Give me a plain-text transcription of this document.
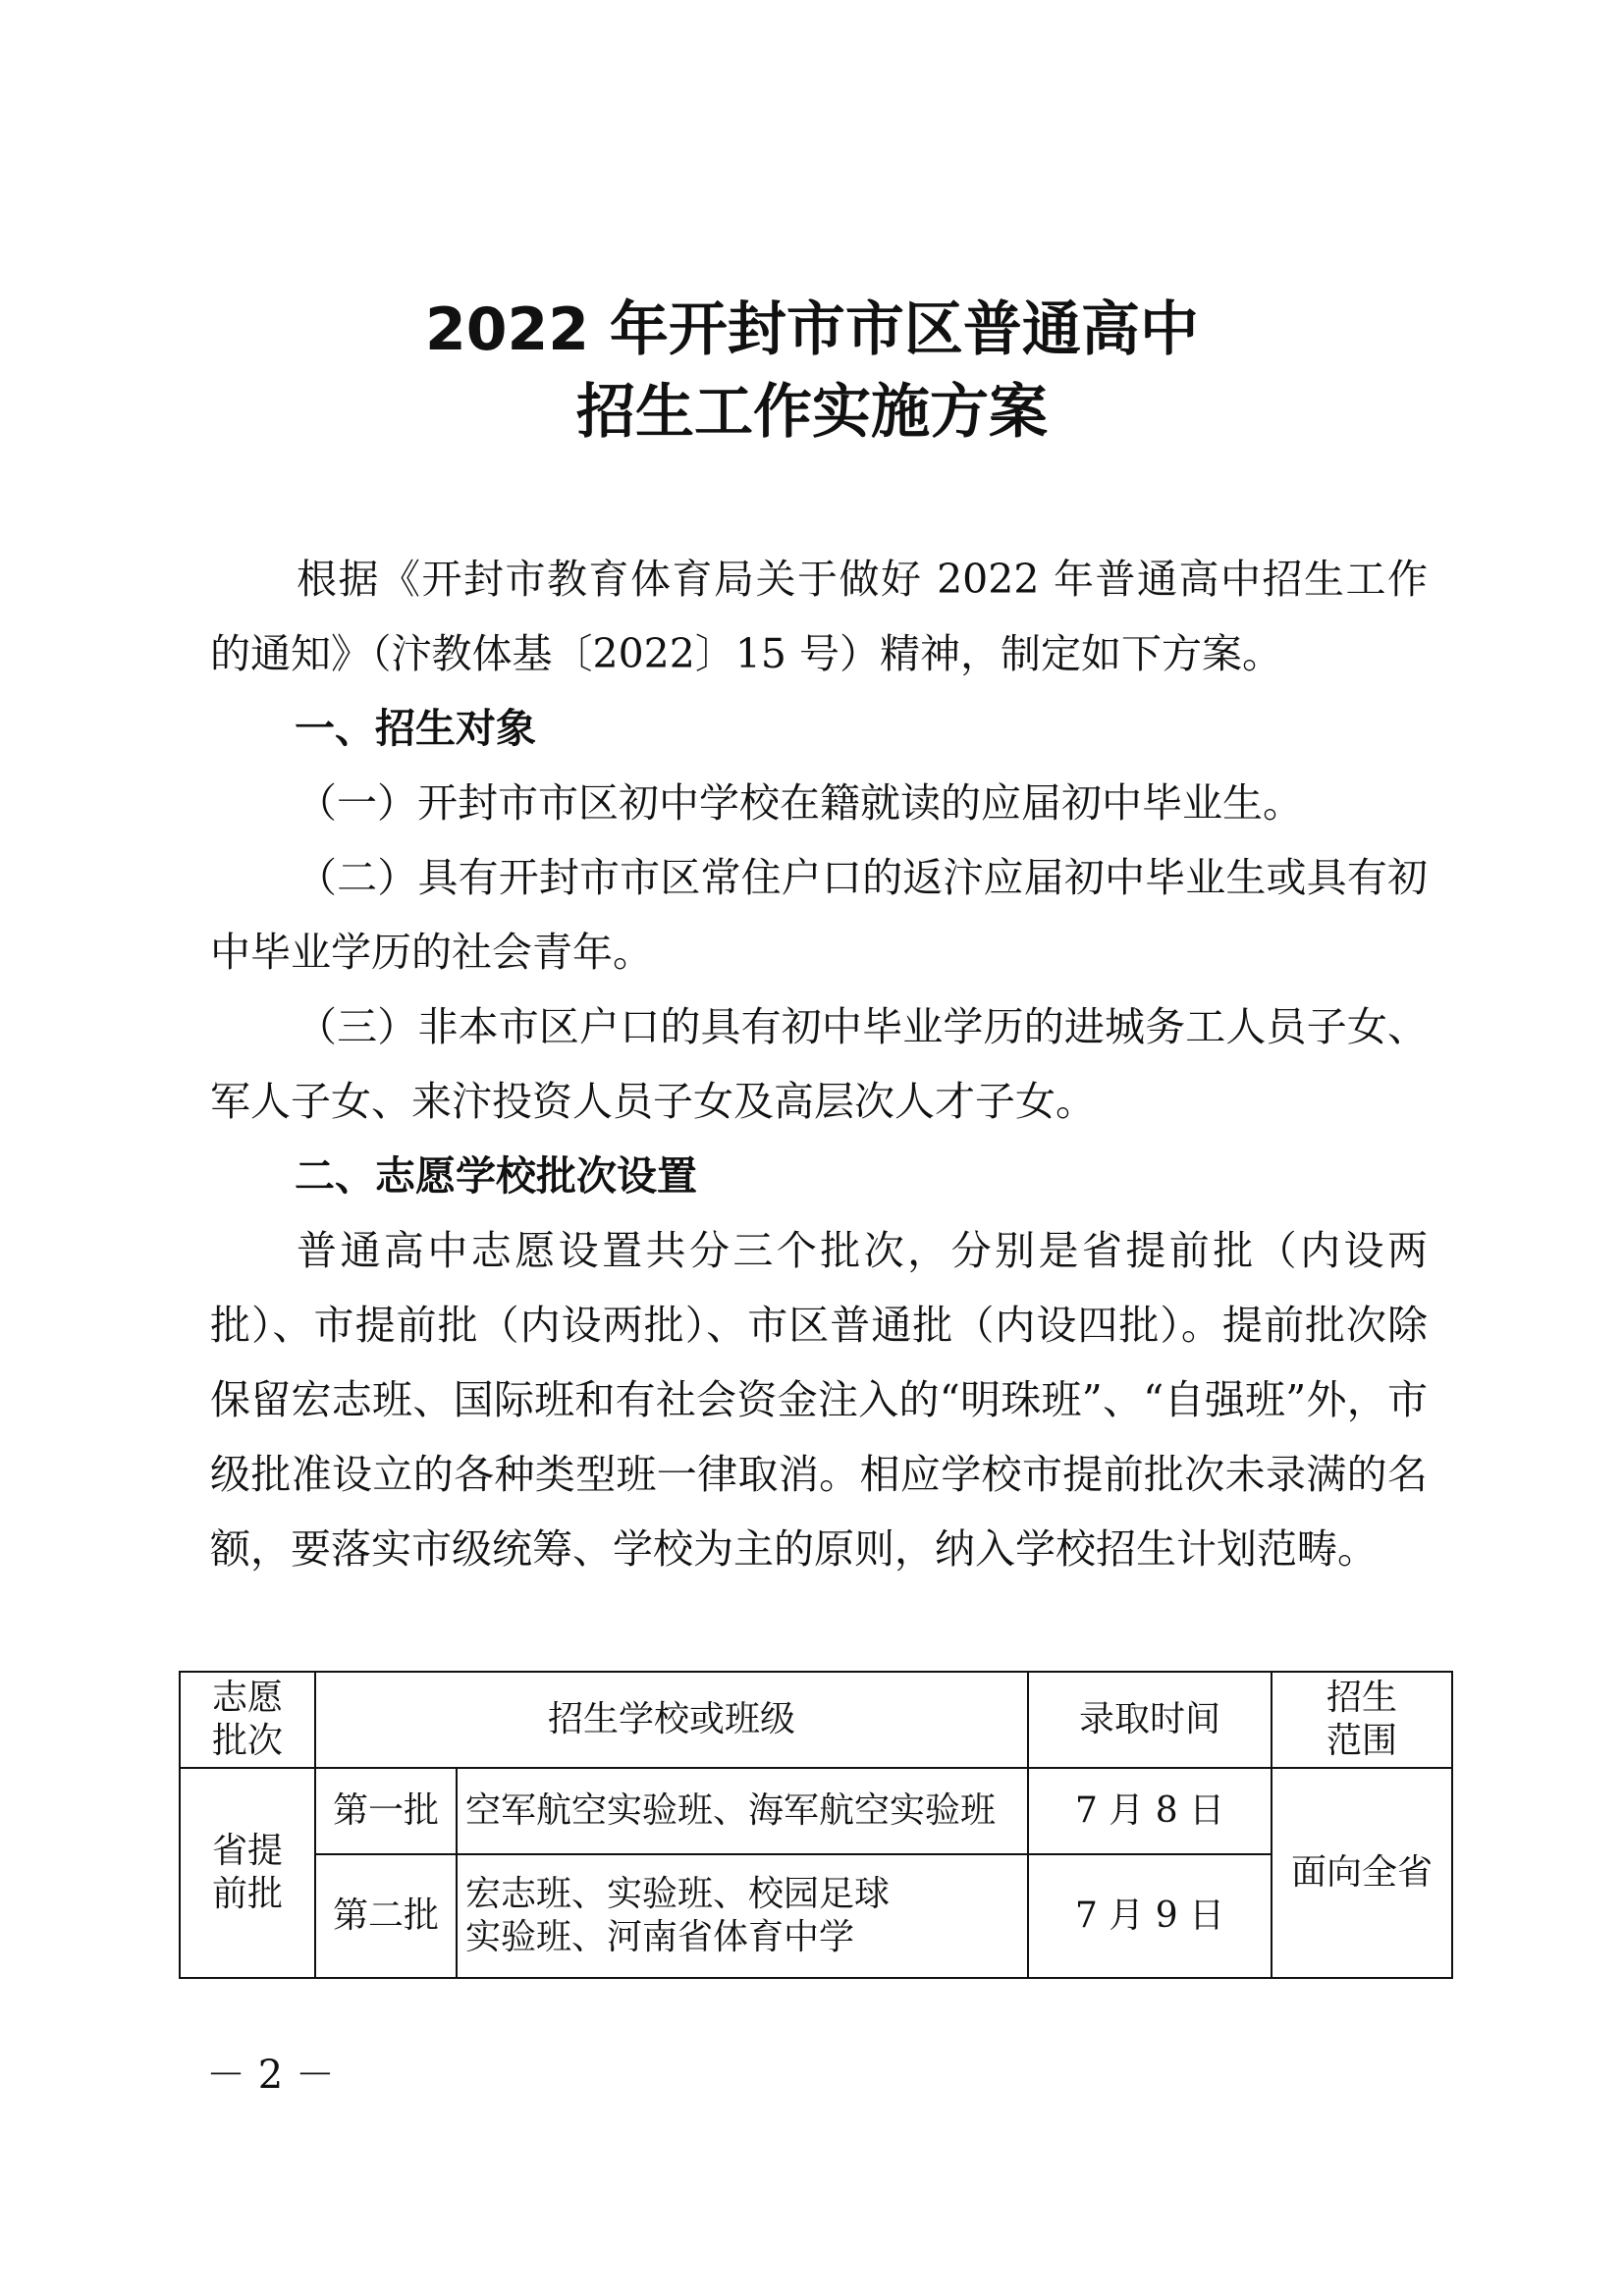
2022 年开封市市区普通高中
招生工作实施方案

根据《开封市教育体育局关于做好 2022 年普通高中招生工作的通知》（汴教体基〔2022〕15 号）精神，制定如下方案。

一、招生对象

（一）开封市市区初中学校在籍就读的应届初中毕业生。

（二）具有开封市市区常住户口的返汴应届初中毕业生或具有初中毕业学历的社会青年。

（三）非本市区户口的具有初中毕业学历的进城务工人员子女、军人子女、来汴投资人员子女及高层次人才子女。

二、志愿学校批次设置

普通高中志愿设置共分三个批次，分别是省提前批（内设两批）、市提前批（内设两批）、市区普通批（内设四批）。提前批次除保留宏志班、国际班和有社会资金注入的“明珠班”、“自强班”外，市级批准设立的各种类型班一律取消。相应学校市提前批次未录满的名额，要落实市级统筹、学校为主的原则，纳入学校招生计划范畴。

志愿
批次	招生学校或班级		录取时间	招生
范围
省提
前批	第一批	空军航空实验班、海军航空实验班	7 月 8 日	面向全省
	第二批	宏志班、实验班、校园足球
实验班、河南省体育中学	7 月 9 日	
－ 2 －
